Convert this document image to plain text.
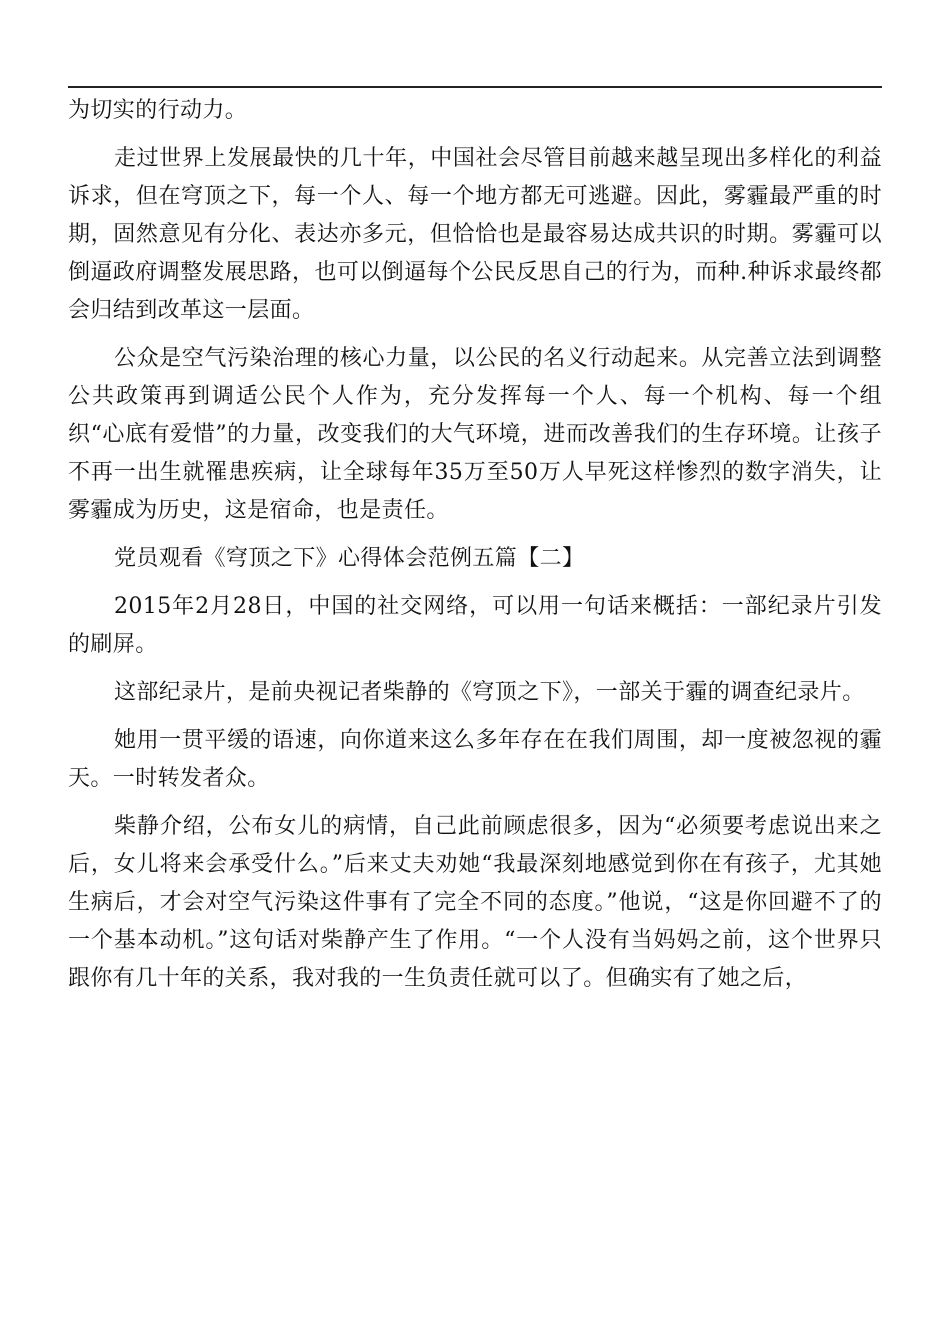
为切实的行动力。

走过世界上发展最快的几十年，中国社会尽管目前越来越呈现出多样化的利益诉求，但在穹顶之下，每一个人、每一个地方都无可逃避。因此，雾霾最严重的时期，固然意见有分化、表达亦多元，但恰恰也是最容易达成共识的时期。雾霾可以倒逼政府调整发展思路，也可以倒逼每个公民反思自己的行为，而种.种诉求最终都会归结到改革这一层面。

公众是空气污染治理的核心力量，以公民的名义行动起来。从完善立法到调整公共政策再到调适公民个人作为，充分发挥每一个人、每一个机构、每一个组织“心底有爱惜”的力量，改变我们的大气环境，进而改善我们的生存环境。让孩子不再一出生就罹患疾病，让全球每年35万至50万人早死这样惨烈的数字消失，让雾霾成为历史，这是宿命，也是责任。

党员观看《穹顶之下》心得体会范例五篇【二】

2015年2月28日，中国的社交网络，可以用一句话来概括：一部纪录片引发的刷屏。

这部纪录片，是前央视记者柴静的《穹顶之下》，一部关于霾的调查纪录片。

她用一贯平缓的语速，向你道来这么多年存在在我们周围，却一度被忽视的霾天。一时转发者众。

柴静介绍，公布女儿的病情，自己此前顾虑很多，因为“必须要考虑说出来之后，女儿将来会承受什么。”后来丈夫劝她“我最深刻地感觉到你在有孩子，尤其她生病后，才会对空气污染这件事有了完全不同的态度。”他说，“这是你回避不了的一个基本动机。”这句话对柴静产生了作用。“一个人没有当妈妈之前，这个世界只跟你有几十年的关系，我对我的一生负责任就可以了。但确实有了她之后，
